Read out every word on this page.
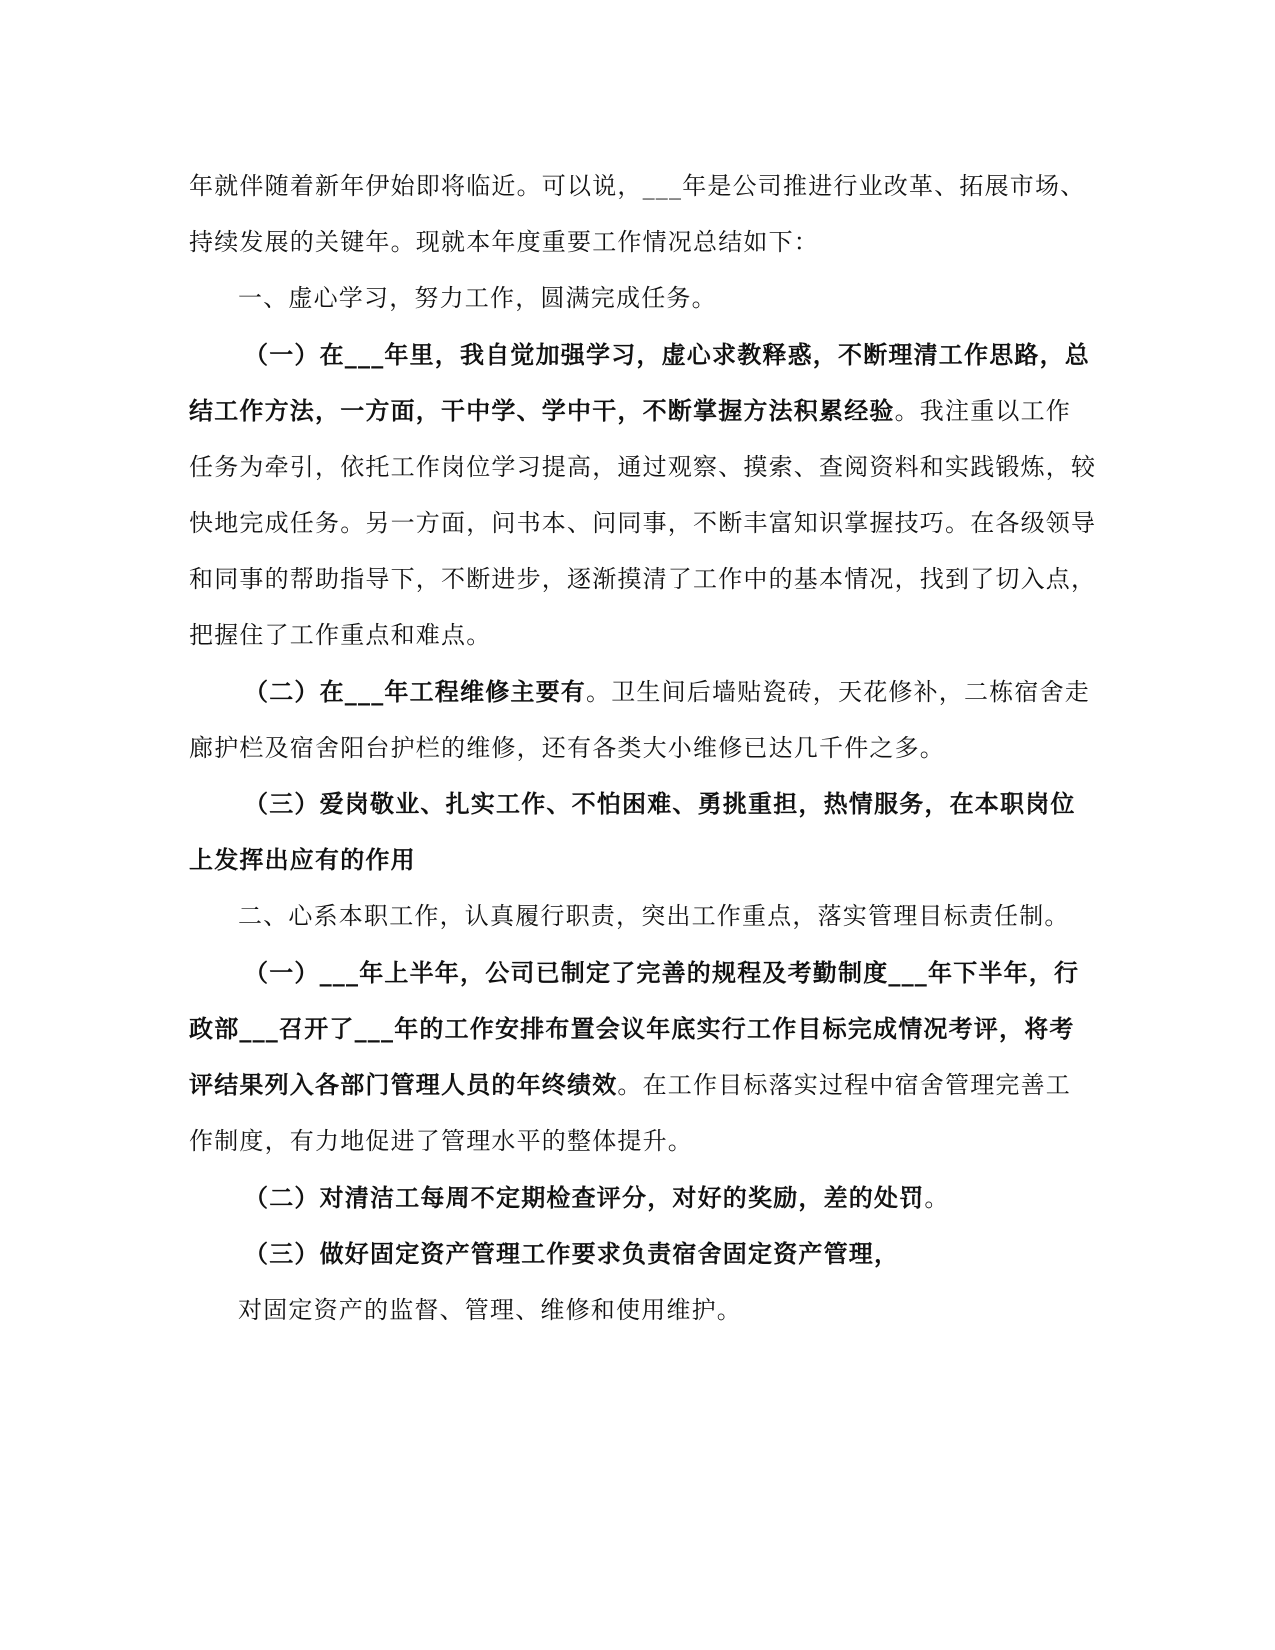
年就伴随着新年伊始即将临近。可以说，___年是公司推进行业改革、拓展市场、
持续发展的关键年。现就本年度重要工作情况总结如下：
一、虚心学习，努力工作，圆满完成任务。
（一）在___年里，我自觉加强学习，虚心求教释惑，不断理清工作思路，总
结工作方法，一方面，干中学、学中干，不断掌握方法积累经验。我注重以工作
任务为牵引，依托工作岗位学习提高，通过观察、摸索、查阅资料和实践锻炼，较
快地完成任务。另一方面，问书本、问同事，不断丰富知识掌握技巧。在各级领导
和同事的帮助指导下，不断进步，逐渐摸清了工作中的基本情况，找到了切入点，
把握住了工作重点和难点。
（二）在___年工程维修主要有。卫生间后墙贴瓷砖，天花修补，二栋宿舍走
廊护栏及宿舍阳台护栏的维修，还有各类大小维修已达几千件之多。
（三）爱岗敬业、扎实工作、不怕困难、勇挑重担，热情服务，在本职岗位
上发挥出应有的作用
二、心系本职工作，认真履行职责，突出工作重点，落实管理目标责任制。
（一）___年上半年，公司已制定了完善的规程及考勤制度___年下半年，行
政部___召开了___年的工作安排布置会议年底实行工作目标完成情况考评，将考
评结果列入各部门管理人员的年终绩效。在工作目标落实过程中宿舍管理完善工
作制度，有力地促进了管理水平的整体提升。
（二）对清洁工每周不定期检查评分，对好的奖励，差的处罚。
（三）做好固定资产管理工作要求负责宿舍固定资产管理，
对固定资产的监督、管理、维修和使用维护。
